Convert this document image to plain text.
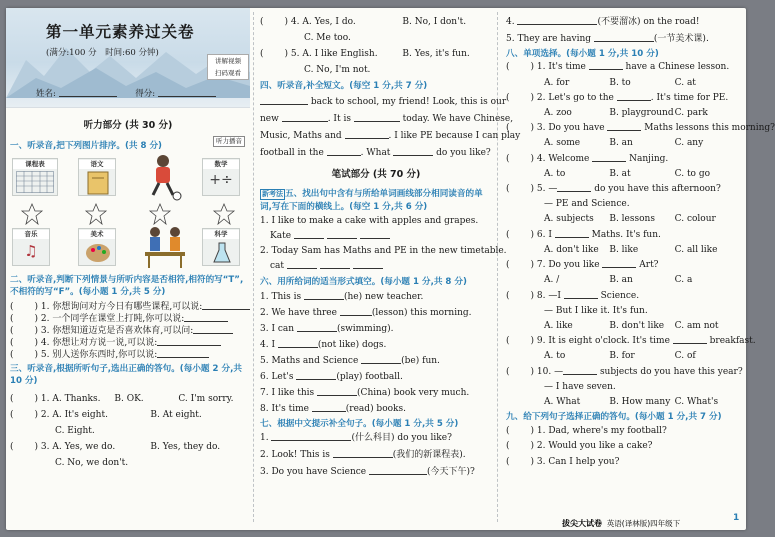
第一单元素养过关卷
(满分:100 分　时间:60 分钟)
讲解视频
扫码观看
姓名:	得分:
听力部分 (共 30 分)
一、听录音,把下列图片排序。(共 8 分)	听力播音
课程表	语文	数学
+÷
音乐
♫
美术	科学
二、听录音,判断下列情景与所听内容是否相符,相符的写“T”,不相符的写“F”。(每小题 1 分,共 5 分)
( ) 1. 你想询问对方今日有哪些课程,可以说:
( ) 2. 一个同学在课堂上打盹,你可以说:
( ) 3. 你想知道迈克是否喜欢体育,可以问:
( ) 4. 你想让对方说一说,可以说:
( ) 5. 别人送你东西时,你可以说:
三、听录音,根据所听句子,选出正确的答句。(每小题 2 分,共 10 分)
( ) 1. A. Thanks. B. OK.	C. I'm sorry.
( ) 2. A. It's eight.	B. At eight.
C. Eight.
( ) 3. A. Yes, we do.	B. Yes, they do.
C. No, we don't.
( ) 4. A. Yes, I do.	B. No, I don't.
C. Me too.
( ) 5. A. I like English.	B. Yes, it's fun.
C. No, I'm not.
四、听录音,补全短文。(每空 1 分,共 7 分)
back to school, my friend! Look, this is our
new	. It is	today. We have Chinese,
Music, Maths and	. I like PE because I can play
football in the	. What	do you like?
笔试部分 (共 70 分)
新考法 五、找出句中含有与所给单词画线部分相同读音的单词,写在下面的横线上。(每空 1 分,共 6 分)
1. I like to make a cake with apples and grapes.
Kate
2. Today Sam has Maths and PE in the new timetable.
cat
六、用所给词的适当形式填空。(每小题 1 分,共 8 分)
1. This is	(he) new teacher.
2. We have three	(lesson) this morning.
3. I can	(swimming).
4. I	(not like) dogs.
5. Maths and Science	(be) fun.
6. Let's	(play) football.
7. I like this	(China) book very much.
8. It's time	(read) books.
七、根据中文提示补全句子。(每小题 1 分,共 5 分)
1.	(什么科目) do you like?
2. Look! This is	(我们的新课程表).
3. Do you have Science	(今天下午)?
4.	(不要溜冰) on the road!
5. They are having	(一节美术课).
八、单项选择。(每小题 1 分,共 10 分)
( ) 1. It's time	have a Chinese lesson.
A. for	B. to	C. at
( ) 2. Let's go to the	. It's time for PE.
A. zoo	B. playground C. park
( ) 3. Do you have	Maths lessons this morning?
A. some	B. an	C. any
( ) 4. Welcome	Nanjing.
A. to	B. at	C. to go
( ) 5. —	do you have this afternoon?
— PE and Science.
A. subjects	B. lessons	C. colour
( ) 6. I	Maths. It's fun.
A. don't like	B. like	C. all like
( ) 7. Do you like	Art?
A. /	B. an	C. a
( ) 8. —I	Science.
— But I like it. It's fun.
A. like	B. don't like	C. am not
( ) 9. It is eight o'clock. It's time	breakfast.
A. to	B. for	C. of
( ) 10. —	subjects do you have this year?
— I have seven.
A. What	B. How many C. What's
九、给下列句子选择正确的答句。(每小题 1 分,共 7 分)
( ) 1. Dad, where's my football?
( ) 2. Would you like a cake?
( ) 3. Can I help you?
拔尖大试卷 英语(译林版)四年级下
1
